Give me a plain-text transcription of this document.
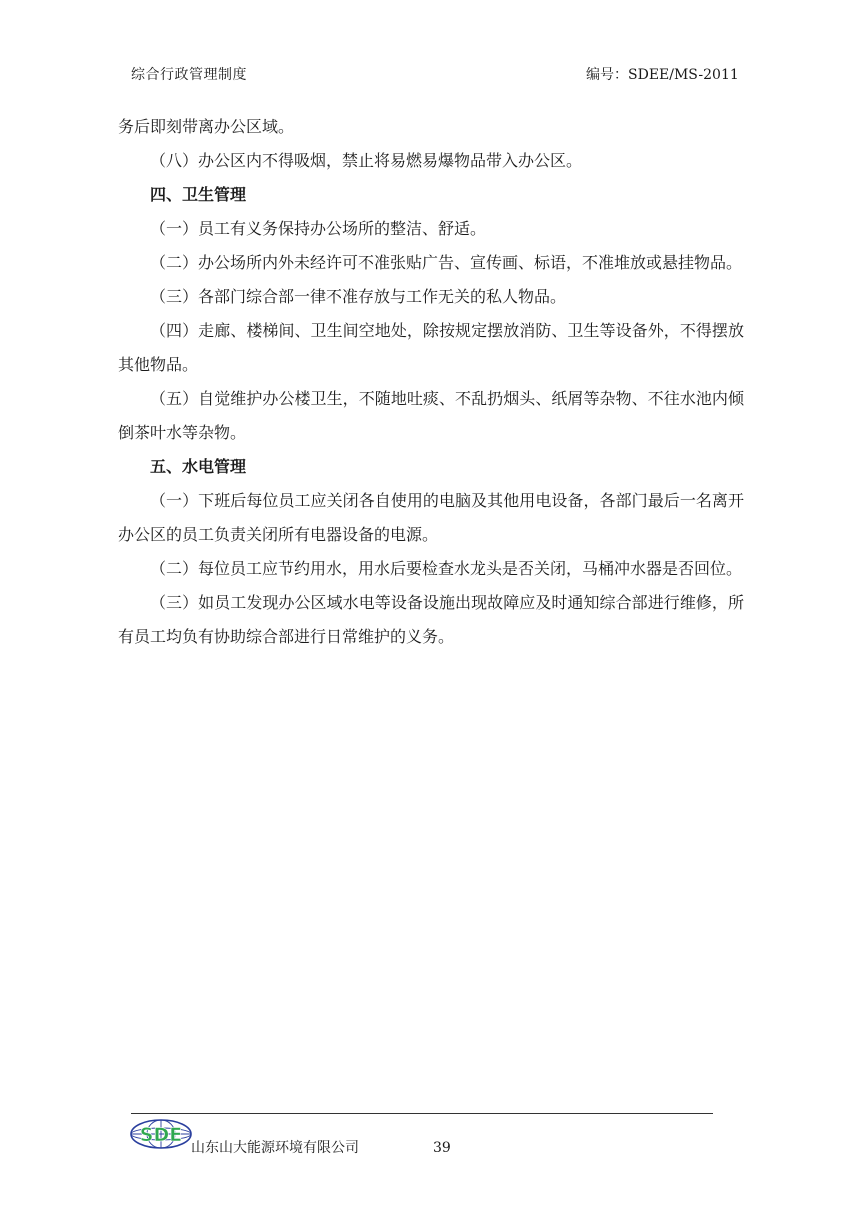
综合行政管理制度	编号：SDEE/MS-2011

务后即刻带离办公区域。

（八）办公区内不得吸烟，禁止将易燃易爆物品带入办公区。

四、卫生管理

（一）员工有义务保持办公场所的整洁、舒适。

（二）办公场所内外未经许可不准张贴广告、宣传画、标语，不准堆放或悬挂物品。

（三）各部门综合部一律不准存放与工作无关的私人物品。

（四）走廊、楼梯间、卫生间空地处，除按规定摆放消防、卫生等设备外，不得摆放其他物品。

（五）自觉维护办公楼卫生，不随地吐痰、不乱扔烟头、纸屑等杂物、不往水池内倾倒茶叶水等杂物。

五、水电管理

（一）下班后每位员工应关闭各自使用的电脑及其他用电设备，各部门最后一名离开办公区的员工负责关闭所有电器设备的电源。

（二）每位员工应节约用水，用水后要检查水龙头是否关闭，马桶冲水器是否回位。

（三）如员工发现办公区域水电等设备设施出现故障应及时通知综合部进行维修，所有员工均负有协助综合部进行日常维护的义务。

SDE
山东山大能源环境有限公司	39
